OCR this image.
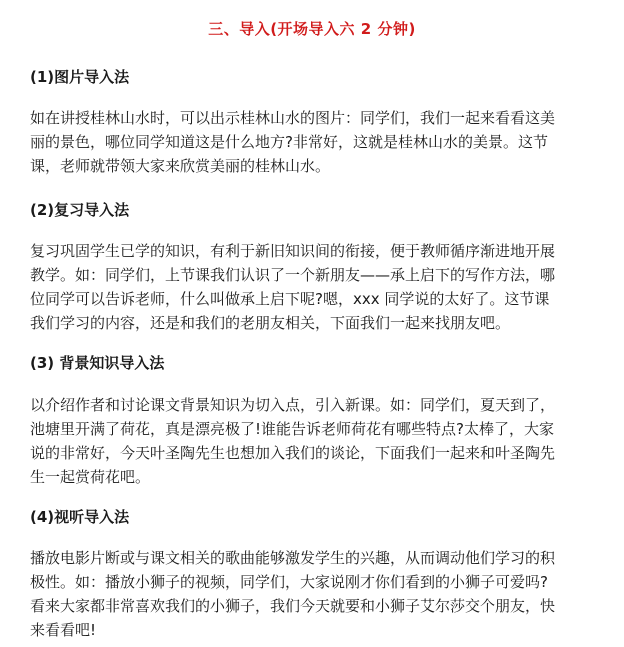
三、导入(开场导入六 2 分钟)
(1)图片导入法
如在讲授桂林山水时，可以出示桂林山水的图片：同学们，我们一起来看看这美
丽的景色，哪位同学知道这是什么地方?非常好，这就是桂林山水的美景。这节
课，老师就带领大家来欣赏美丽的桂林山水。
(2)复习导入法
复习巩固学生已学的知识，有利于新旧知识间的衔接，便于教师循序渐进地开展
教学。如：同学们，上节课我们认识了一个新朋友——承上启下的写作方法，哪
位同学可以告诉老师，什么叫做承上启下呢?嗯，xxx 同学说的太好了。这节课
我们学习的内容，还是和我们的老朋友相关，下面我们一起来找朋友吧。
(3) 背景知识导入法
以介绍作者和讨论课文背景知识为切入点，引入新课。如：同学们，夏天到了，
池塘里开满了荷花，真是漂亮极了!谁能告诉老师荷花有哪些特点?太棒了，大家
说的非常好，今天叶圣陶先生也想加入我们的谈论，下面我们一起来和叶圣陶先
生一起赏荷花吧。
(4)视听导入法
播放电影片断或与课文相关的歌曲能够激发学生的兴趣，从而调动他们学习的积
极性。如：播放小狮子的视频，同学们，大家说刚才你们看到的小狮子可爱吗?
看来大家都非常喜欢我们的小狮子，我们今天就要和小狮子艾尔莎交个朋友，快
来看看吧!
